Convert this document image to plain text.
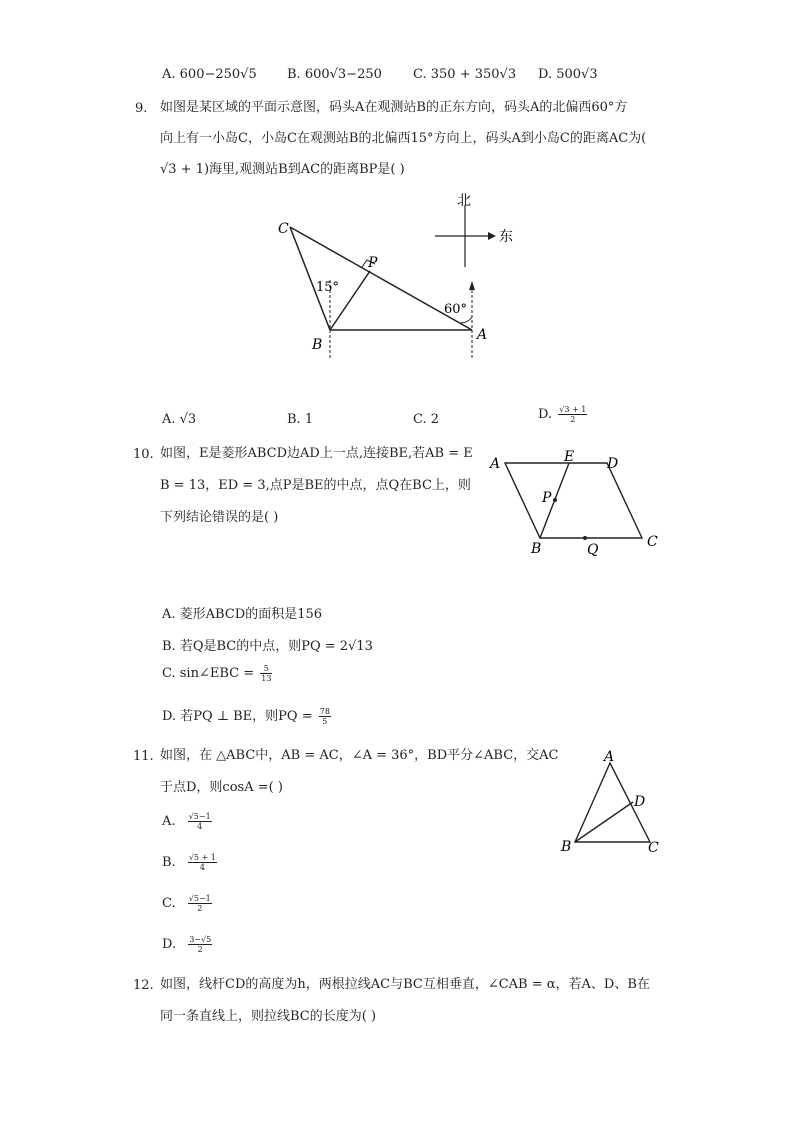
A. 600−250√5 B. 600√3−250 C. 350 + 350√3 D. 500√3
9. 如图是某区域的平面示意图，码头A在观测站B的正东方向，码头A的北偏西60°方
向上有一小岛C，小岛C在观测站B的北偏西15°方向上，码头A到小岛C的距离AC为(
√3 + 1)海里,观测站B到AC的距离BP是( )
C
P
B
A
15°
60°
北
东
A. √3	B. 1	C. 2	D. $\frac{√3 + 1}{2}$
10. 如图，E是菱形ABCD边AD上一点,连接BE,若AB = E
B = 13，ED = 3,点P是BE的中点，点Q在BC上，则
下列结论错误的是( )
A	E D
P
B	Q	C
A. 菱形ABCD的面积是156
B. 若Q是BC的中点，则PQ = 2√13
C. sin∠EBC = $\frac{5}{13}$
D. 若PQ ⊥ BE，则PQ = $\frac{78}{5}$
11. 如图，在 △ABC中，AB = AC，∠A = 36°，BD平分∠ABC，交AC
于点D，则cosA =( )
A
D
B	C
A. $\frac{√5-1}{4}$
B. $\frac{√5 + 1}{4}$
C. $\frac{√5-1}{2}$
D. $\frac{3-√5}{2}$
12. 如图，线杆CD的高度为h，两根拉线AC与BC互相垂直，∠CAB = α，若A、D、B在
同一条直线上，则拉线BC的长度为( )
